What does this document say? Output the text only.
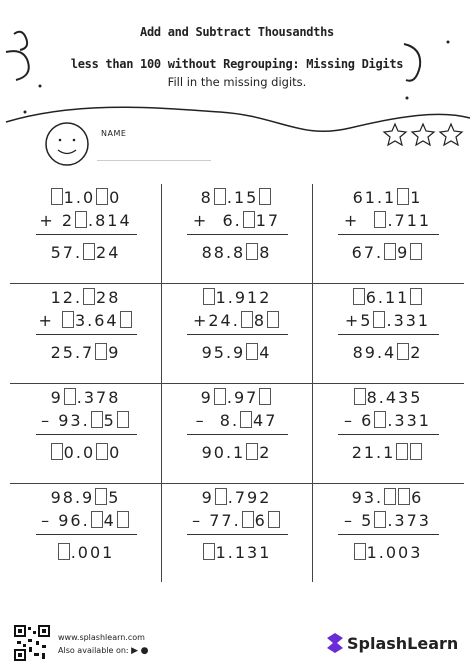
Add and Subtract Thousandths
less than 100 without Regrouping: Missing Digits
Fill in the missing digits.
NAME
1.0 0
+ 2 .814
57. 24
8 .15
+  6. 17
88.8 8
61.1 1
+  .711
67. 9
12. 28
+ 3.64
25.7 9
1.912
+24. 8
95.9 4
6.11
+5 .331
89.4 2
9 .378
– 93. 5
0.0 0
9 .97
–  8. 47
90.1 2
8.435
– 6 .331
21.1
98.9 5
– 96. 4
.001
9 .792
– 77. 6
1.131
93. 6
– 5 .373
1.003
www.splashlearn.com
Also available on: ▶ ●	SplashLearn
